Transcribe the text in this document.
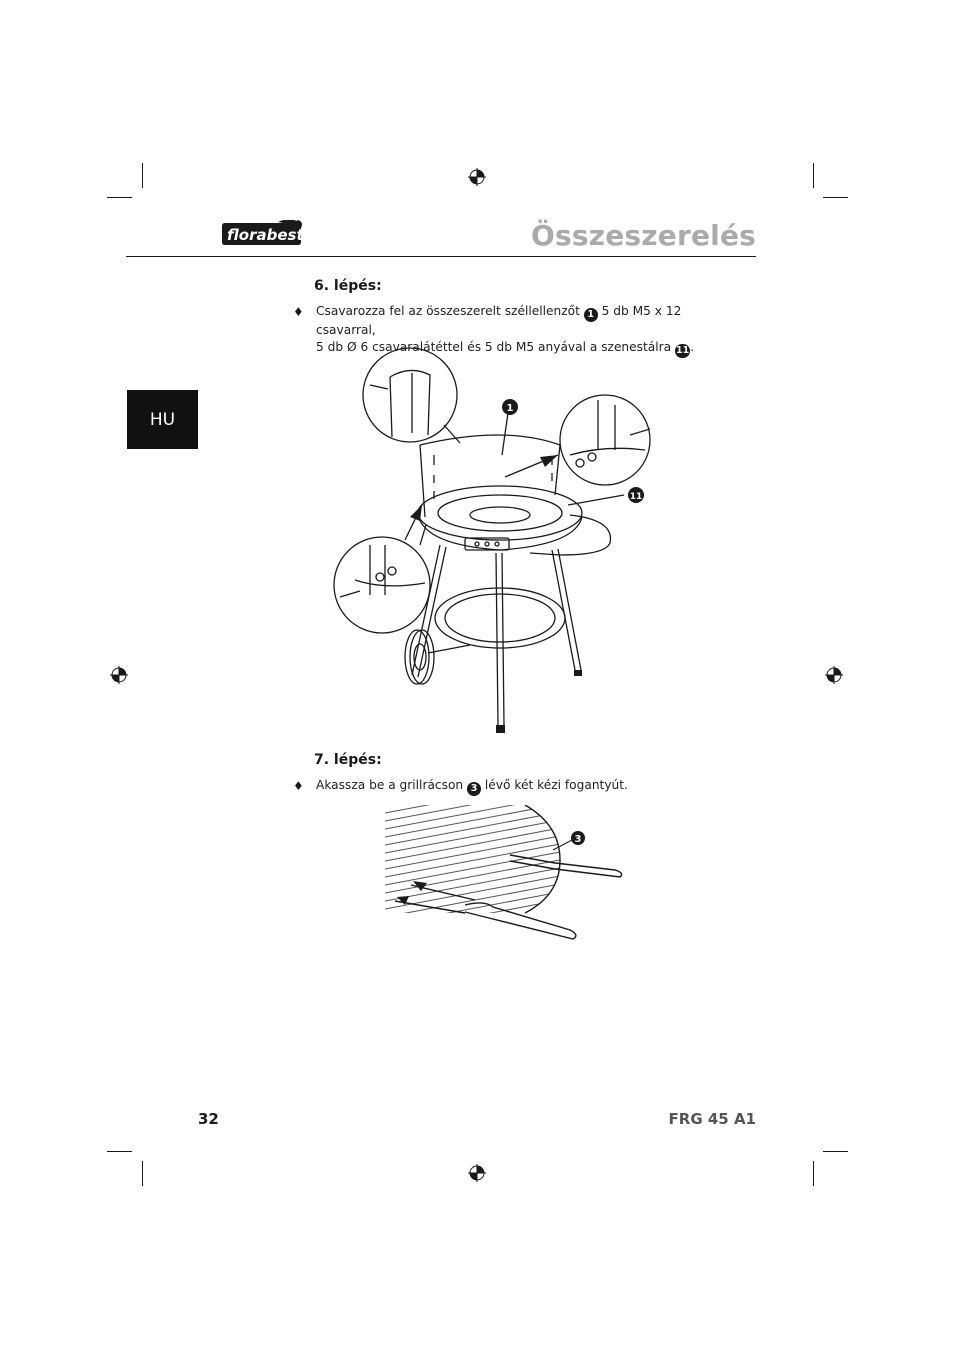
florabest	Összeszerelés
HU
6. lépés:
♦ Csavarozza fel az összeszerelt széllellenzőt 1 5 db M5 x 12 csavarral,
5 db Ø 6 csavaralátéttel és 5 db M5 anyával a szenestálra 11.
1
11
7. lépés:
♦ Akassza be a grillrácson 3 lévő két kézi fogantyút.
3
32	FRG 45 A1
